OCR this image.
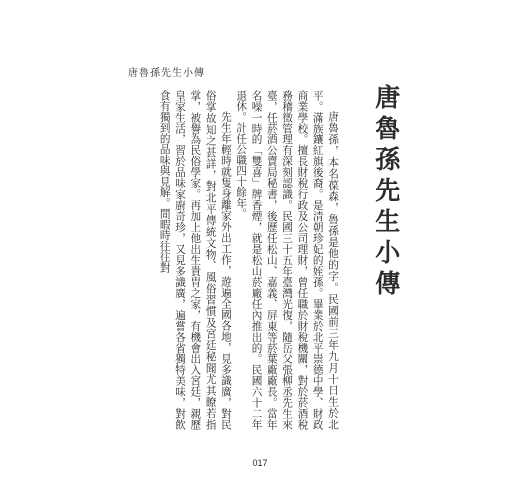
唐魯孫先生小傳
唐魯孫先生小傳

唐魯孫，本名葆森，魯孫是他的字。民國前三年九月十日生於北平。滿族鑲紅旗後裔。是清朝珍妃的姪孫。畢業於北平崇德中學、財政商業學校。擅長財稅行政及公司理財，曾任職於財稅機關，對於菸酒稅務稽徵管理有深刻認識。民國三十五年臺灣光復，隨岳父張柳丞先生來臺，任菸酒公賣局秘書，後歷任松山、嘉義、屏東等菸葉廠廠長。當年名噪一時的「雙喜」牌香煙，就是松山菸廠任內推出的。民國六十二年退休。計任公職四十餘年。

先生年輕時就隻身離家外出工作，遊遍全國各地，見多識廣，對民俗掌故知之甚詳，對北平傳統文物、風俗習慣及宮廷秘聞尤其瞭若指掌，被譽為民俗學家。再加上他出生貴胄之家，有機會出入宮廷，親歷皇家生活，習於品味家廚奇珍，又見多識廣，遍嘗各省獨特美味，對飲食有獨到的品味與見解。閒暇時往往對

017
